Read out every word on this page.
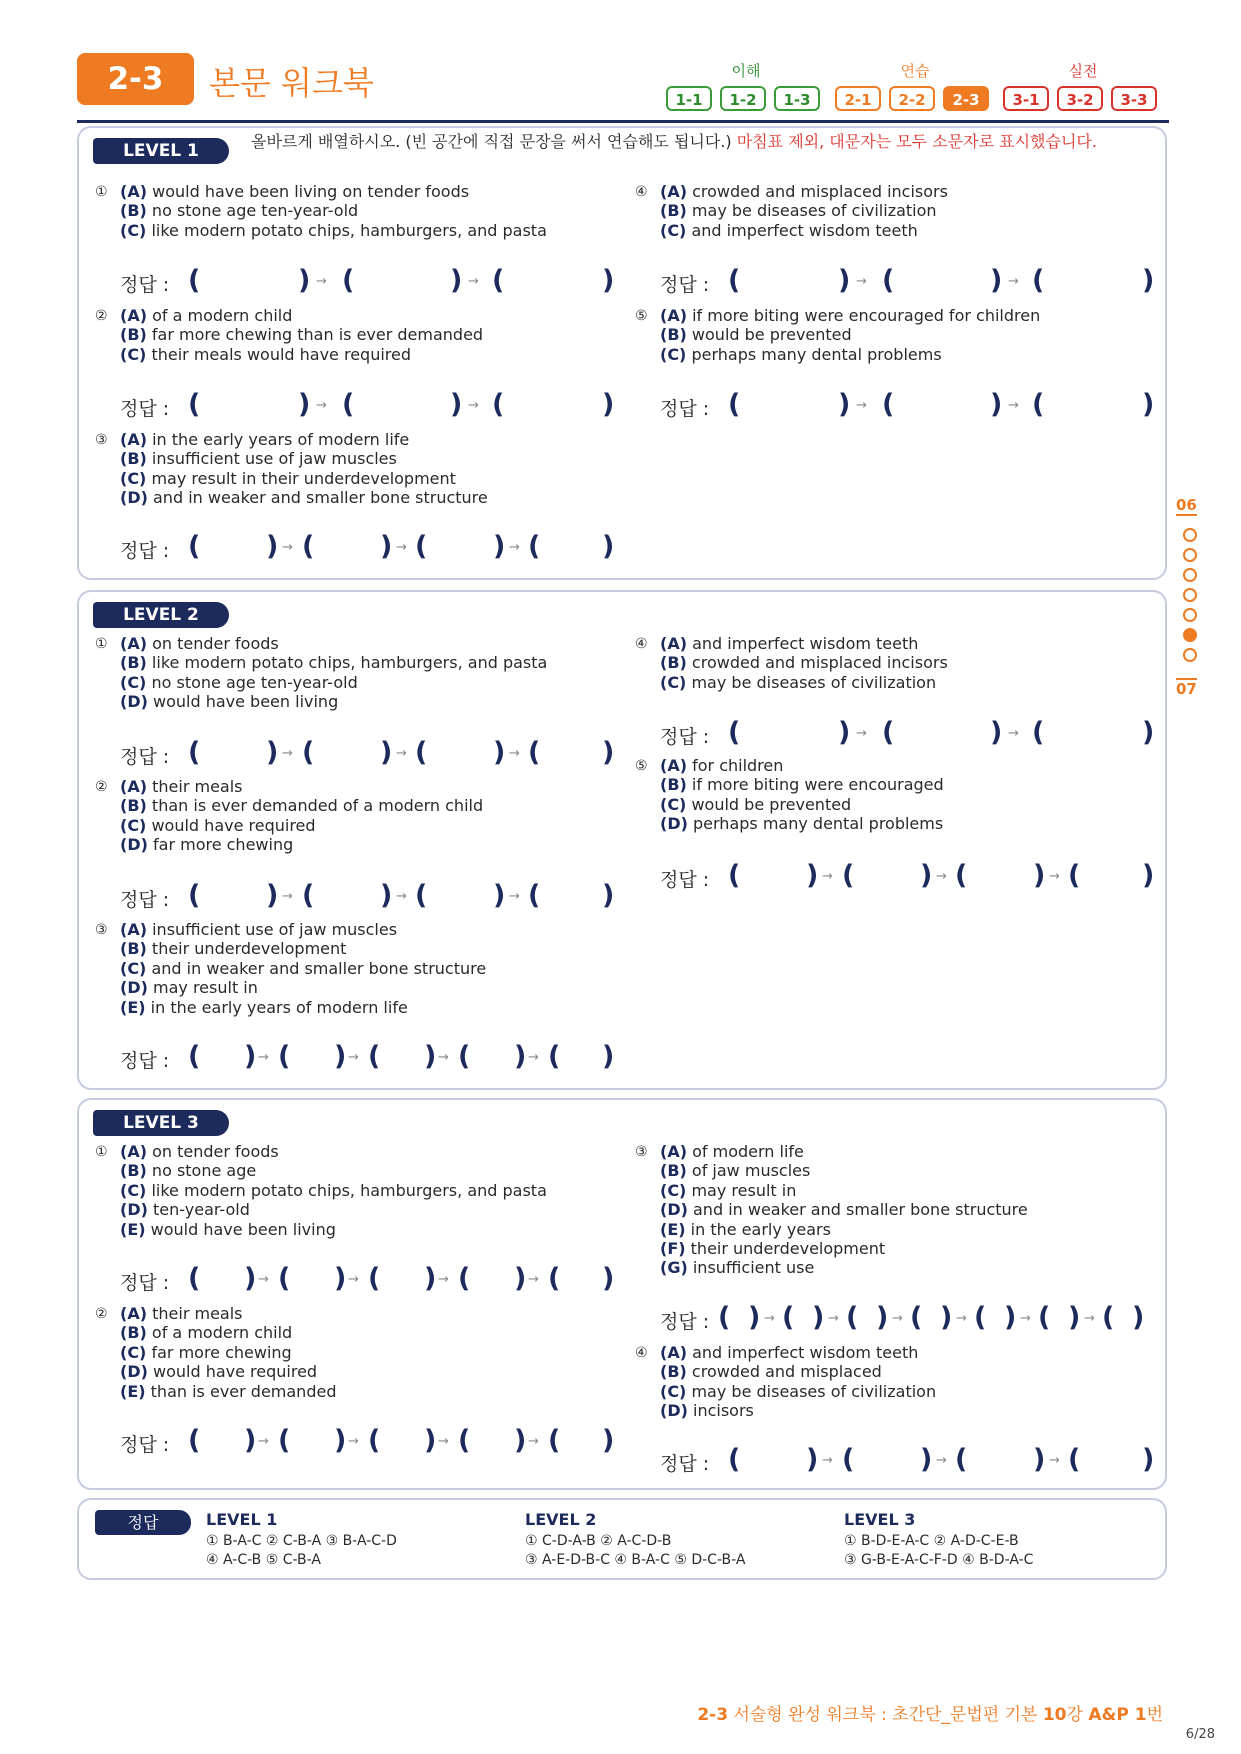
2-3	본문 워크북	이해	연습	실전
1-1	1-2	1-3	2-1	2-2	2-3	3-1	3-2	3-3
LEVEL 1	올바르게 배열하시오. (빈 공간에 직접 문장을 써서 연습해도 됩니다.) 마침표 제외, 대문자는 모두 소문자로 표시했습니다.
① (A) would have been living on tender foods
(B) no stone age ten-year-old
(C) like modern potato chips, hamburgers, and pasta
④ (A) crowded and misplaced incisors
(B) may be diseases of civilization
(C) and imperfect wisdom teeth
정답 : (	(	(
)	)	)
→	→	정답 : (	(	(
)	)	)
→	→
② (A) of a modern child
(B) far more chewing than is ever demanded
(C) their meals would have required
⑤ (A) if more biting were encouraged for children
(B) would be prevented
(C) perhaps many dental problems
정답 : (	(	(
)	)	)
→	→	정답 : (	(	(
)	)	)
→	→
③ (A) in the early years of modern life
(B) insufficient use of jaw muscles
(C) may result in their underdevelopment
(D) and in weaker and smaller bone structure
정답 : (	(	(	(
)	)	)	)
→	→	→
LEVEL 2
① (A) on tender foods
(B) like modern potato chips, hamburgers, and pasta
(C) no stone age ten-year-old
(D) would have been living
④ (A) and imperfect wisdom teeth
(B) crowded and misplaced incisors
(C) may be diseases of civilization
정답 : (	(	(
)	)	)
→	→
정답 : (	(	(	(
)	)	)	)
→	→	→
⑤ (A) for children
(B) if more biting were encouraged
(C) would be prevented
(D) perhaps many dental problems
② (A) their meals
(B) than is ever demanded of a modern child
(C) would have required
(D) far more chewing
정답 : (	(	(	(
)	)	)	)
→	→	→
정답 : (	(	(	(
)	)	)	)
→	→	→
③ (A) insufficient use of jaw muscles
(B) their underdevelopment
(C) and in weaker and smaller bone structure
(D) may result in
(E) in the early years of modern life
정답 : (	(	(	(	(
)	)	)	)	)
→	→	→	→
LEVEL 3
① (A) on tender foods
(B) no stone age
(C) like modern potato chips, hamburgers, and pasta
(D) ten-year-old
(E) would have been living
③ (A) of modern life
(B) of jaw muscles
(C) may result in
(D) and in weaker and smaller bone structure
(E) in the early years
(F) their underdevelopment
(G) insufficient use
정답 : (	(	(	(	(
)	)	)	)	)
→	→	→	→
정답 : ( ( ( ( ( ( (
) ) ) ) ) ) )
→	→	→	→	→	→
② (A) their meals
(B) of a modern child
(C) far more chewing
(D) would have required
(E) than is ever demanded
④ (A) and imperfect wisdom teeth
(B) crowded and misplaced
(C) may be diseases of civilization
(D) incisors
정답 : (	(	(	(	(
)	)	)	)	)
→	→	→	→
정답 : (	(	(	(
)	)	)	)
→	→	→
정답	LEVEL 1
① B-A-C ② C-B-A ③ B-A-C-D
④ A-C-B ⑤ C-B-A
LEVEL 2
① C-D-A-B ② A-C-D-B
③ A-E-D-B-C ④ B-A-C ⑤ D-C-B-A
LEVEL 3
① B-D-E-A-C ② A-D-C-E-B
③ G-B-E-A-C-F-D ④ B-D-A-C
06
07
2-3 서술형 완성 워크북 : 초간단_문법편 기본 10강 A&P 1번
6/28
